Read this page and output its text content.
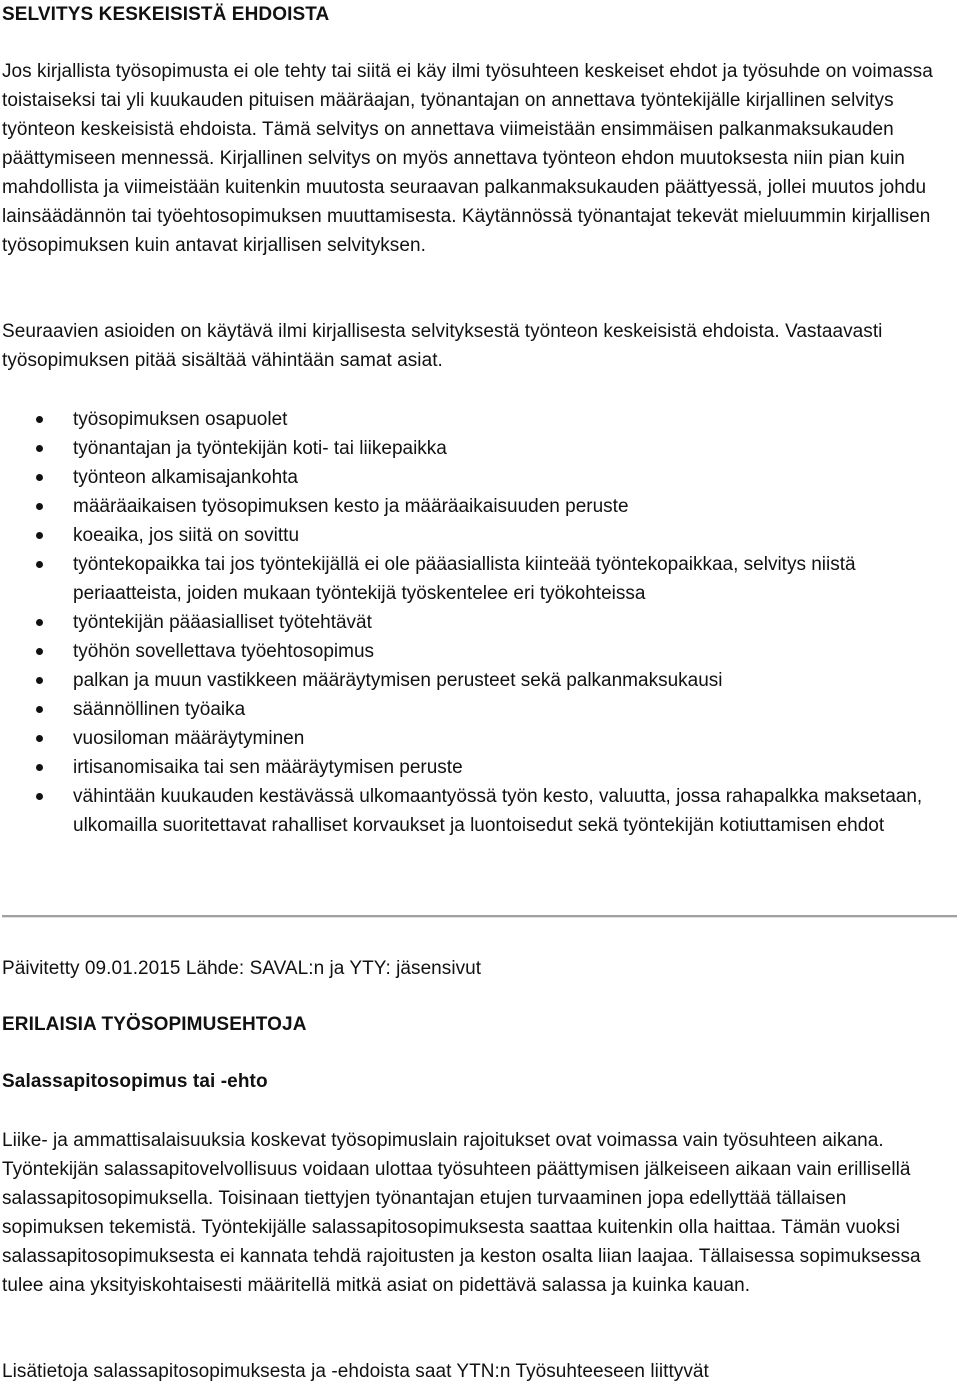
SELVITYS KESKEISISTÄ EHDOISTA

Jos kirjallista työsopimusta ei ole tehty tai siitä ei käy ilmi työsuhteen keskeiset ehdot ja työsuhde on voimassa toistaiseksi tai yli kuukauden pituisen määräajan, työnantajan on annettava työntekijälle kirjallinen selvitys työnteon keskeisistä ehdoista. Tämä selvitys on annettava viimeistään ensimmäisen palkanmaksukauden päättymiseen mennessä. Kirjallinen selvitys on myös annettava työnteon ehdon muutoksesta niin pian kuin mahdollista ja viimeistään kuitenkin muutosta seuraavan palkanmaksukauden päättyessä, jollei muutos johdu lainsäädännön tai työehtosopimuksen muuttamisesta. Käytännössä työnantajat tekevät mieluummin kirjallisen työsopimuksen kuin antavat kirjallisen selvityksen.

Seuraavien asioiden on käytävä ilmi kirjallisesta selvityksestä työnteon keskeisistä ehdoista. Vastaavasti työsopimuksen pitää sisältää vähintään samat asiat.

työsopimuksen osapuolet
työnantajan ja työntekijän koti- tai liikepaikka
työnteon alkamisajankohta
määräaikaisen työsopimuksen kesto ja määräaikaisuuden peruste
koeaika, jos siitä on sovittu
työntekopaikka tai jos työntekijällä ei ole pääasiallista kiinteää työntekopaikkaa, selvitys niistä periaatteista, joiden mukaan työntekijä työskentelee eri työkohteissa
työntekijän pääasialliset työtehtävät
työhön sovellettava työehtosopimus
palkan ja muun vastikkeen määräytymisen perusteet sekä palkanmaksukausi
säännöllinen työaika
vuosiloman määräytyminen
irtisanomisaika tai sen määräytymisen peruste
vähintään kuukauden kestävässä ulkomaantyössä työn kesto, valuutta, jossa rahapalkka maksetaan, ulkomailla suoritettavat rahalliset korvaukset ja luontoisedut sekä työntekijän kotiuttamisen ehdot

Päivitetty 09.01.2015 Lähde: SAVAL:n ja YTY: jäsensivut

ERILAISIA TYÖSOPIMUSEHTOJA
Salassapitosopimus tai -ehto

Liike- ja ammattisalaisuuksia koskevat työsopimuslain rajoitukset ovat voimassa vain työsuhteen aikana. Työntekijän salassapitovelvollisuus voidaan ulottaa työsuhteen päättymisen jälkeiseen aikaan vain erillisellä salassapitosopimuksella. Toisinaan tiettyjen työnantajan etujen turvaaminen jopa edellyttää tällaisen sopimuksen tekemistä. Työntekijälle salassapitosopimuksesta saattaa kuitenkin olla haittaa. Tämän vuoksi salassapitosopimuksesta ei kannata tehdä rajoitusten ja keston osalta liian laajaa. Tällaisessa sopimuksessa tulee aina yksityiskohtaisesti määritellä mitkä asiat on pidettävä salassa ja kuinka kauan.

Lisätietoja salassapitosopimuksesta ja -ehdoista saat YTN:n Työsuhteeseen liittyvät
